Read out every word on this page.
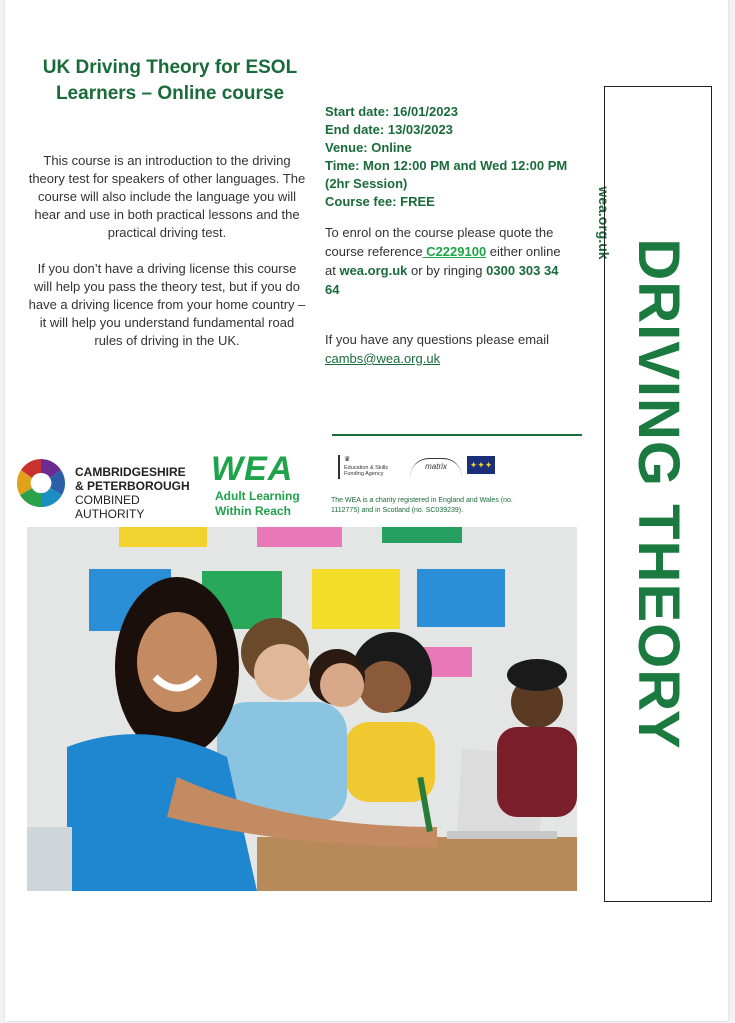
UK Driving Theory for ESOL
Learners – Online course

This course is an introduction to the driving theory test for speakers of other languages. The course will also include the language you will hear and use in both practical lessons and the practical driving test.

If you don’t have a driving license this course will help you pass the theory test, but if you do have a driving licence from your home country – it will help you understand fundamental road rules of driving in the UK.

Start date: 16/01/2023
End date: 13/03/2023
Venue: Online
Time: Mon 12:00 PM and Wed 12:00 PM (2hr Session)
Course fee: FREE
To enrol on the course please quote the course reference C2229100 either online at wea.org.uk or by ringing 0300 303 34 64
If you have any questions please email cambs@wea.org.uk
wea.org.uk
DRIVING THEORY
CAMBRIDGESHIRE
& PETERBOROUGH
COMBINED AUTHORITY
WEA
Adult Learning
Within Reach
♛
Education & Skills Funding Agency
matrix	✦✦✦
The WEA is a charity registered in England and Wales (no. 1112775) and in Scotland (no. SC039239).
